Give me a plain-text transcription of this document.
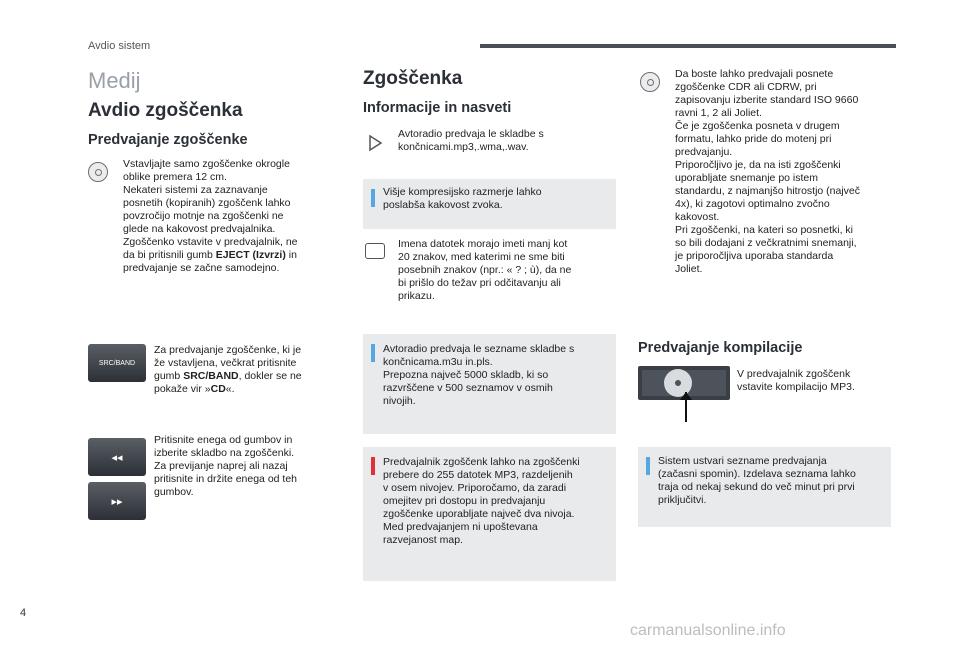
Avdio sistem
Medij
Avdio zgoščenka
Predvajanje zgoščenke
Vstavljajte samo zgoščenke okrogle
oblike premera 12 cm.
Nekateri sistemi za zaznavanje
posnetih (kopiranih) zgoščenk lahko
povzročijo motnje na zgoščenki ne
glede na kakovost predvajalnika.
Zgoščenko vstavite v predvajalnik, ne
da bi pritisnili gumb EJECT (Izvrzi) in
predvajanje se začne samodejno.
SRC/BAND
Za predvajanje zgoščenke, ki je
že vstavljena, večkrat pritisnite
gumb SRC/BAND, dokler se ne
pokaže vir »CD«.
◂◂
▸▸
Pritisnite enega od gumbov in
izberite skladbo na zgoščenki.
Za previjanje naprej ali nazaj
pritisnite in držite enega od teh
gumbov.
Zgoščenka
Informacije in nasveti
Avtoradio predvaja le skladbe s
končnicami.mp3,.wma,.wav.
Višje kompresijsko razmerje lahko
poslabša kakovost zvoka.
Imena datotek morajo imeti manj kot
20 znakov, med katerimi ne sme biti
posebnih znakov (npr.: « ? ; ù), da ne
bi prišlo do težav pri odčitavanju ali
prikazu.
Avtoradio predvaja le sezname skladbe s
končnicama.m3u in.pls.
Prepozna največ 5000 skladb, ki so
razvrščene v 500 seznamov v osmih
nivojih.
Predvajalnik zgoščenk lahko na zgoščenki
prebere do 255 datotek MP3, razdeljenih
v osem nivojev. Priporočamo, da zaradi
omejitev pri dostopu in predvajanju
zgoščenke uporabljate največ dva nivoja.
Med predvajanjem ni upoštevana
razvejanost map.
Da boste lahko predvajali posnete
zgoščenke CDR ali CDRW, pri
zapisovanju izberite standard ISO 9660
ravni 1, 2 ali Joliet.
Če je zgoščenka posneta v drugem
formatu, lahko pride do motenj pri
predvajanju.
Priporočljivo je, da na isti zgoščenki
uporabljate snemanje po istem
standardu, z najmanjšo hitrostjo (največ
4x), ki zagotovi optimalno zvočno
kakovost.
Pri zgoščenki, na kateri so posnetki, ki
so bili dodajani z večkratnimi snemanji,
je priporočljiva uporaba standarda
Joliet.
Predvajanje kompilacije
V predvajalnik zgoščenk
vstavite kompilacijo MP3.
Sistem ustvari sezname predvajanja
(začasni spomin). Izdelava seznama lahko
traja od nekaj sekund do več minut pri prvi
priključitvi.
4
carmanualsonline.info
